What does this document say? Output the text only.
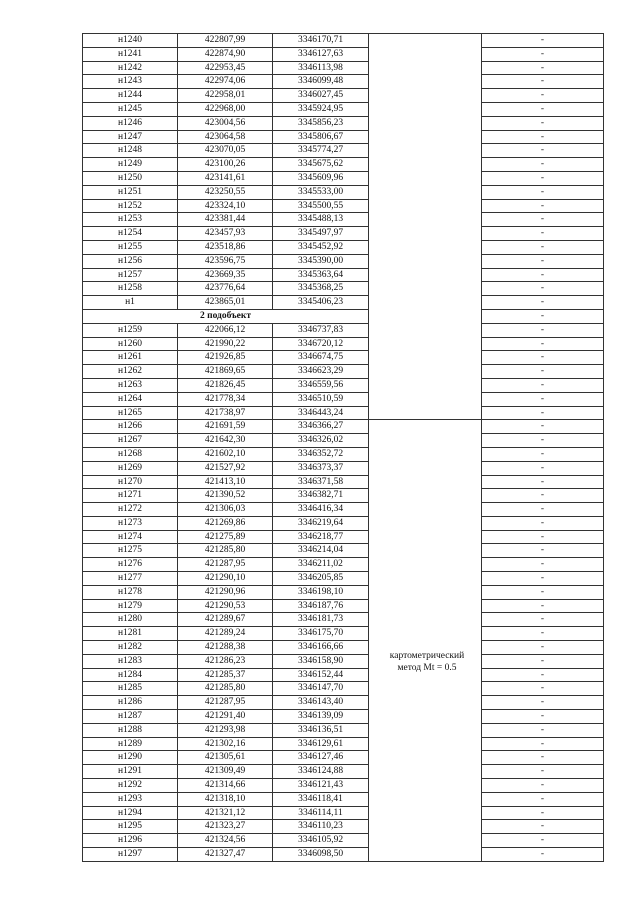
н1240	422807,99	3346170,71		-
н1241	422874,90	3346127,63		-
н1242	422953,45	3346113,98		-
н1243	422974,06	3346099,48		-
н1244	422958,01	3346027,45		-
н1245	422968,00	3345924,95		-
н1246	423004,56	3345856,23		-
н1247	423064,58	3345806,67		-
н1248	423070,05	3345774,27		-
н1249	423100,26	3345675,62		-
н1250	423141,61	3345609,96		-
н1251	423250,55	3345533,00		-
н1252	423324,10	3345500,55		-
н1253	423381,44	3345488,13		-
н1254	423457,93	3345497,97		-
н1255	423518,86	3345452,92		-
н1256	423596,75	3345390,00		-
н1257	423669,35	3345363,64		-
н1258	423776,64	3345368,25		-
н1	423865,01	3345406,23		-
2 подобъект				-
н1259	422066,12	3346737,83		-
н1260	421990,22	3346720,12		-
н1261	421926,85	3346674,75		-
н1262	421869,65	3346623,29		-
н1263	421826,45	3346559,56		-
н1264	421778,34	3346510,59		-
н1265	421738,97	3346443,24		-
н1266	421691,59	3346366,27		-
н1267	421642,30	3346326,02		-
н1268	421602,10	3346352,72		-
н1269	421527,92	3346373,37		-
н1270	421413,10	3346371,58		-
н1271	421390,52	3346382,71		-
н1272	421306,03	3346416,34		-
н1273	421269,86	3346219,64		-
н1274	421275,89	3346218,77		-
н1275	421285,80	3346214,04		-
н1276	421287,95	3346211,02		-
н1277	421290,10	3346205,85		-
н1278	421290,96	3346198,10		-
н1279	421290,53	3346187,76		-
н1280	421289,67	3346181,73		-
н1281	421289,24	3346175,70		-
н1282	421288,38	3346166,66		-
н1283	421286,23	3346158,90		-
н1284	421285,37	3346152,44		-
н1285	421285,80	3346147,70		-
н1286	421287,95	3346143,40		-
н1287	421291,40	3346139,09		-
н1288	421293,98	3346136,51		-
н1289	421302,16	3346129,61		-
н1290	421305,61	3346127,46		-
н1291	421309,49	3346124,88		-
н1292	421314,66	3346121,43		-
н1293	421318,10	3346118,41		-
н1294	421321,12	3346114,11		-
н1295	421323,27	3346110,23		-
н1296	421324,56	3346105,92		-
н1297	421327,47	3346098,50		-
картометрический
метод Mt = 0.5
